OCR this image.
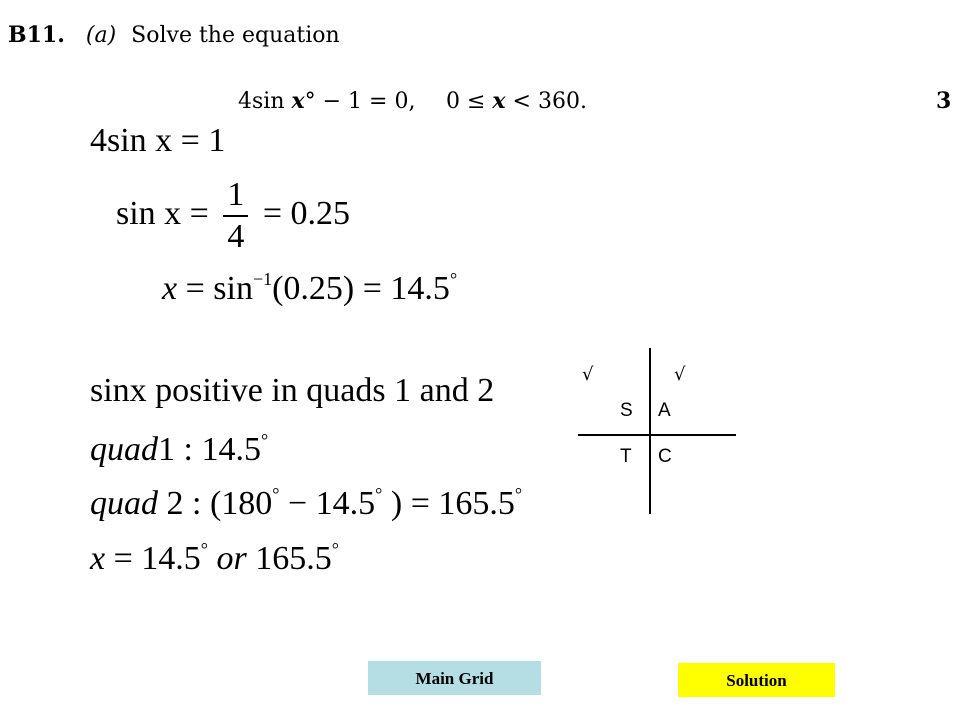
B11. (a) Solve the equation
4sin x° − 1 = 0, 0 ≤ x < 360.	3
4sin x = 1
$\sin x = \frac{1}{4} = 0.25$
$x = \sin^{-1}(0.25) = 14.5^\circ$
sinx positive in quads 1 and 2
quad1 : 14.5°
quad 2 : (180° − 14.5° ) = 165.5°
x = 14.5° or 165.5°
√	√
S A
T C
Main Grid	Solution
